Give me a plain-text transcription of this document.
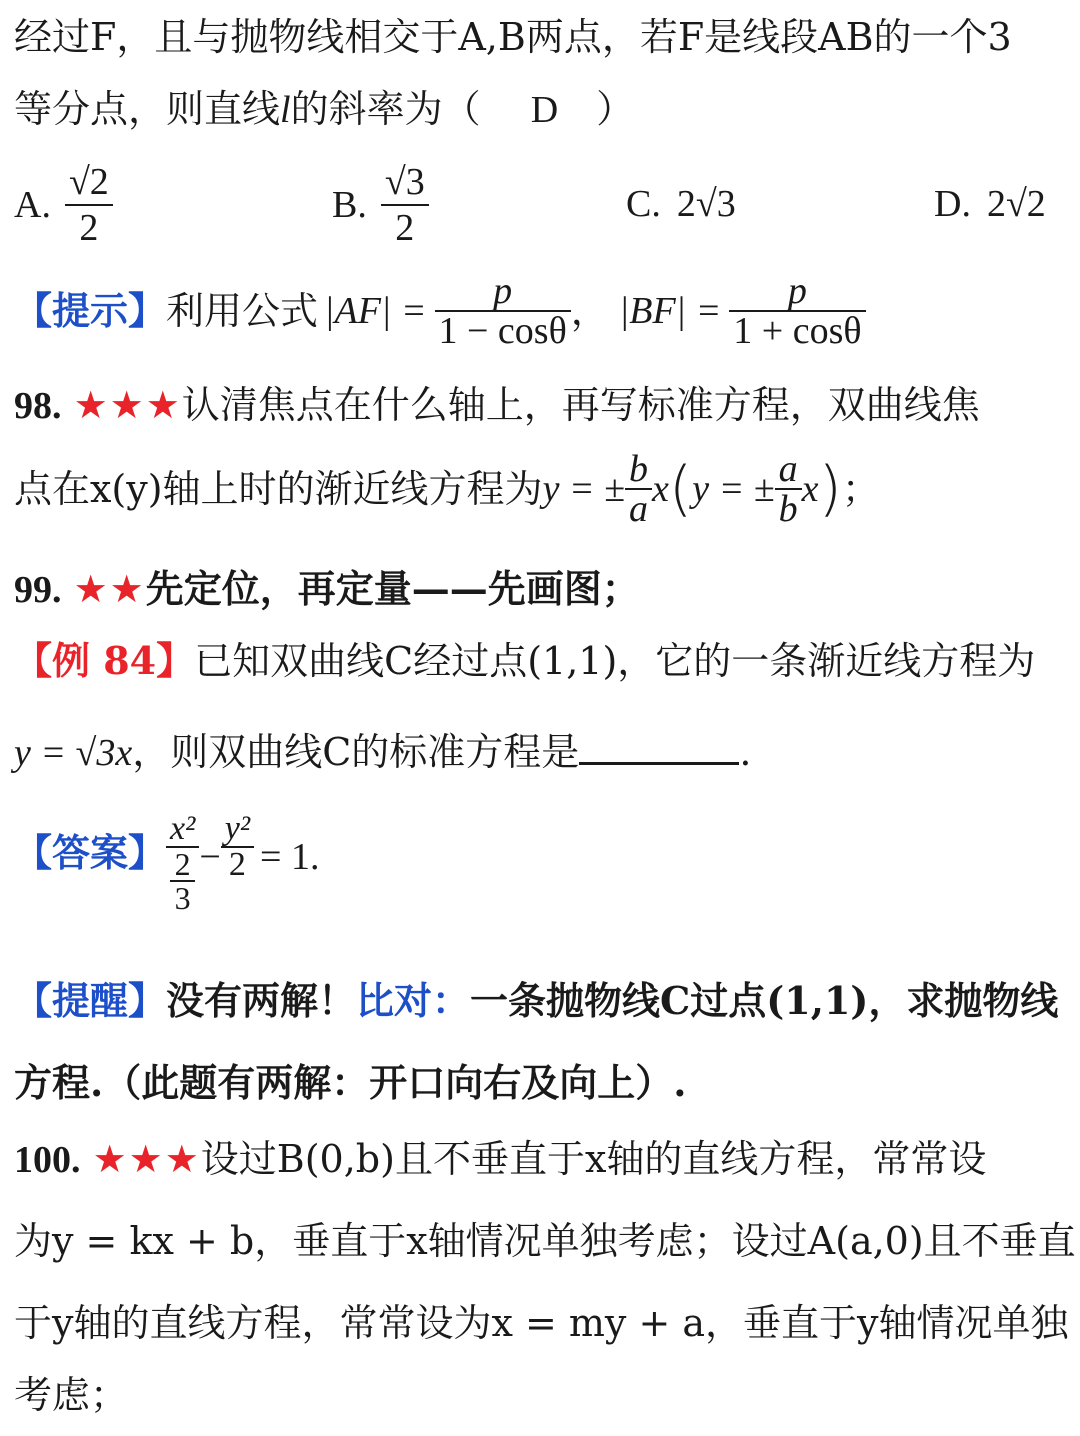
经过F，且与抛物线相交于A,B两点，若F是线段AB的一个3
等分点，则直线l的斜率为（ D ）
A. $\frac{√2}{2}$	B. $\frac{√3}{2}$	C. 2√3	D. 2√2
【提示】 利用公式 $|AF| = \frac{p}{1 - \cos\theta}$ ， $|BF| = \frac{p}{1 + \cos\theta}$
98. ★★★认清焦点在什么轴上，再写标准方程，双曲线焦
点在x(y)轴上时的渐近线方程为 y = ± $\frac{b}{a}$ x ( y = ± $\frac{a}{b}$ x ) ；
99. ★★先定位，再定量——先画图；
【例 84】已知双曲线C经过点(1,1)，它的一条渐近线方程为
y = √3x，则双曲线C的标准方程是	.
【答案】 x²
2
$3 - \frac{\text{y²}}{2} = 1$.
【提醒】没有两解！比对：一条抛物线C过点(1,1)，求抛物线
方程.（此题有两解：开口向右及向上）.
100. ★★★设过B(0,b)且不垂直于x轴的直线方程，常常设
为y = kx + b，垂直于x轴情况单独考虑；设过A(a,0)且不垂直
于y轴的直线方程，常常设为x = my + a，垂直于y轴情况单独
考虑；
